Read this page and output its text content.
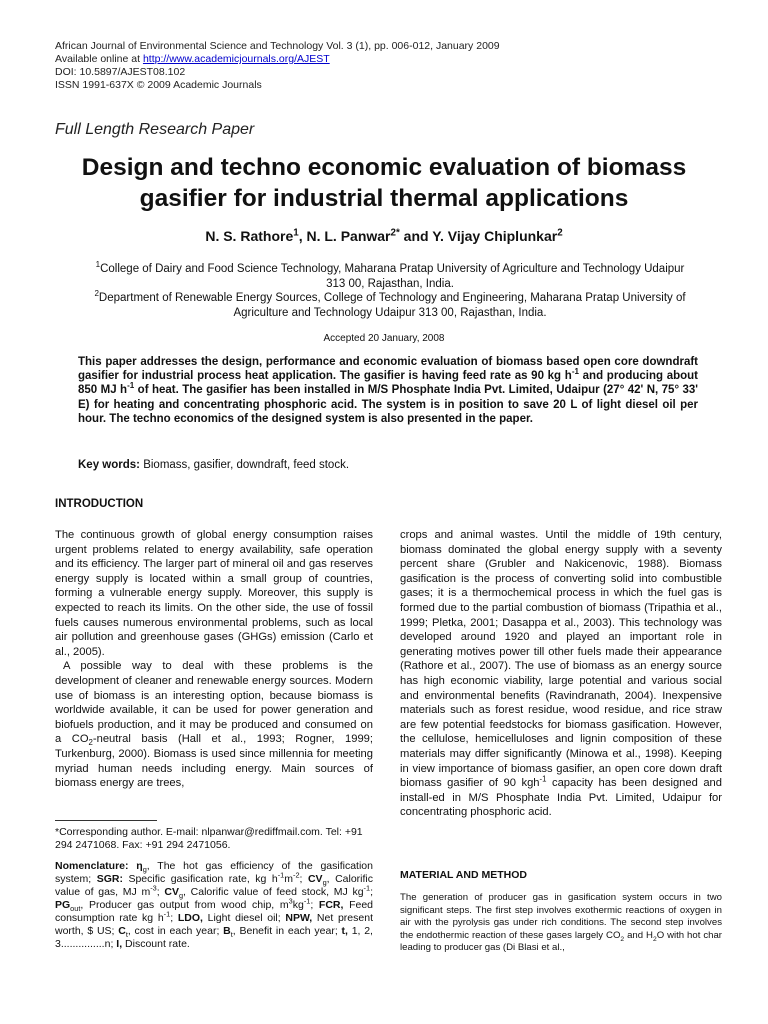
African Journal of Environmental Science and Technology Vol. 3 (1), pp. 006-012, January 2009
Available online at http://www.academicjournals.org/AJEST
DOI: 10.5897/AJEST08.102
ISSN 1991-637X © 2009 Academic Journals
Full Length Research Paper
Design and techno economic evaluation of biomass
gasifier for industrial thermal applications
N. S. Rathore$^1$, N. L. Panwar$^{2*}$ and Y. Vijay Chiplunkar$^2$
$^1$College of Dairy and Food Science Technology, Maharana Pratap University of Agriculture and Technology Udaipur
313 00, Rajasthan, India.
$^2$Department of Renewable Energy Sources, College of Technology and Engineering, Maharana Pratap University of
Agriculture and Technology Udaipur 313 00, Rajasthan, India.
Accepted 20 January, 2008
This paper addresses the design, performance and economic evaluation of biomass based open core downdraft gasifier for industrial process heat application. The gasifier is having feed rate as 90 kg $h^{-1}$ and producing about 850 MJ $h^{-1}$ of heat. The gasifier has been installed in M/S Phosphate India Pvt. Limited, Udaipur (27° 42' N, 75° 33' E) for heating and concentrating phosphoric acid. The system is in position to save 20 L of light diesel oil per hour. The techno economics of the designed system is also presented in the paper.
Key words: Biomass, gasifier, downdraft, feed stock.
INTRODUCTION

The continuous growth of global energy consumption raises urgent problems related to energy availability, safe operation and its efficiency. The larger part of mineral oil and gas reserves energy supply is located within a small group of countries, forming a vulnerable energy supply. Moreover, this supply is expected to reach its limits. On the other side, the use of fossil fuels causes numerous environmental problems, such as local air pollution and greenhouse gases (GHGs) emission (Carlo et al., 2005).

A possible way to deal with these problems is the development of cleaner and renewable energy sources. Modern use of biomass is an interesting option, because biomass is worldwide available, it can be used for power generation and biofuels production, and it may be produced and consumed on a $CO_2$-neutral basis (Hall et al., 1993; Rogner, 1999; Turkenburg, 2000). Biomass is used since millennia for meeting myriad human needs including energy. Main sources of biomass energy are trees,

*Corresponding author. E-mail: nlpanwar@rediffmail.com. Tel: +91 294 2471068. Fax: +91 294 2471056.
Nomenclature: $\eta_g$, The hot gas efficiency of the gasification system; SGR: Specific gasification rate, kg $h^{-1}m^{-2}$; $CV_g$, Calorific value of gas, MJ $m^{-3}$; $CV_g$, Calorific value of feed stock, MJ $kg^{-1}$; $PG_{out}$, Producer gas output from wood chip, $m^3kg^{-1}$; FCR, Feed consumption rate kg $h^{-1}$; LDO, Light diesel oil; NPW, Net present worth, $ US; $C_t$, cost in each year; $B_t$, Benefit in each year; t, 1, 2, 3...............n; I, Discount rate.

crops and animal wastes. Until the middle of 19th century, biomass dominated the global energy supply with a seventy percent share (Grubler and Nakicenovic, 1988). Biomass gasification is the process of converting solid into combustible gases; it is a thermochemical process in which the fuel gas is formed due to the partial combustion of biomass (Tripathia et al., 1999; Pletka, 2001; Dasappa et al., 2003). This technology was developed around 1920 and played an important role in generating motives power till other fuels made their appearance (Rathore et al., 2007). The use of biomass as an energy source has high economic viability, large potential and various social and environmental benefits (Ravindranath, 2004). Inexpensive materials such as forest residue, wood residue, and rice straw are few potential feedstocks for biomass gasification. However, the cellulose, hemicelluloses and lignin composition of these materials may differ significantly (Minowa et al., 1998). Keeping in view importance of biomass gasifier, an open core down draft biomass gasifier of 90 kgh$^{-1}$ capacity has been designed and install-ed in M/S Phosphate India Pvt. Limited, Udaipur for concentrating phosphoric acid.

MATERIAL AND METHOD
The generation of producer gas in gasification system occurs in two significant steps. The first step involves exothermic reactions of oxygen in air with the pyrolysis gas under rich conditions. The second step involves the endothermic reaction of these gases largely $CO_2$ and $H_2O$ with hot char leading to producer gas (Di Blasi et al.,
